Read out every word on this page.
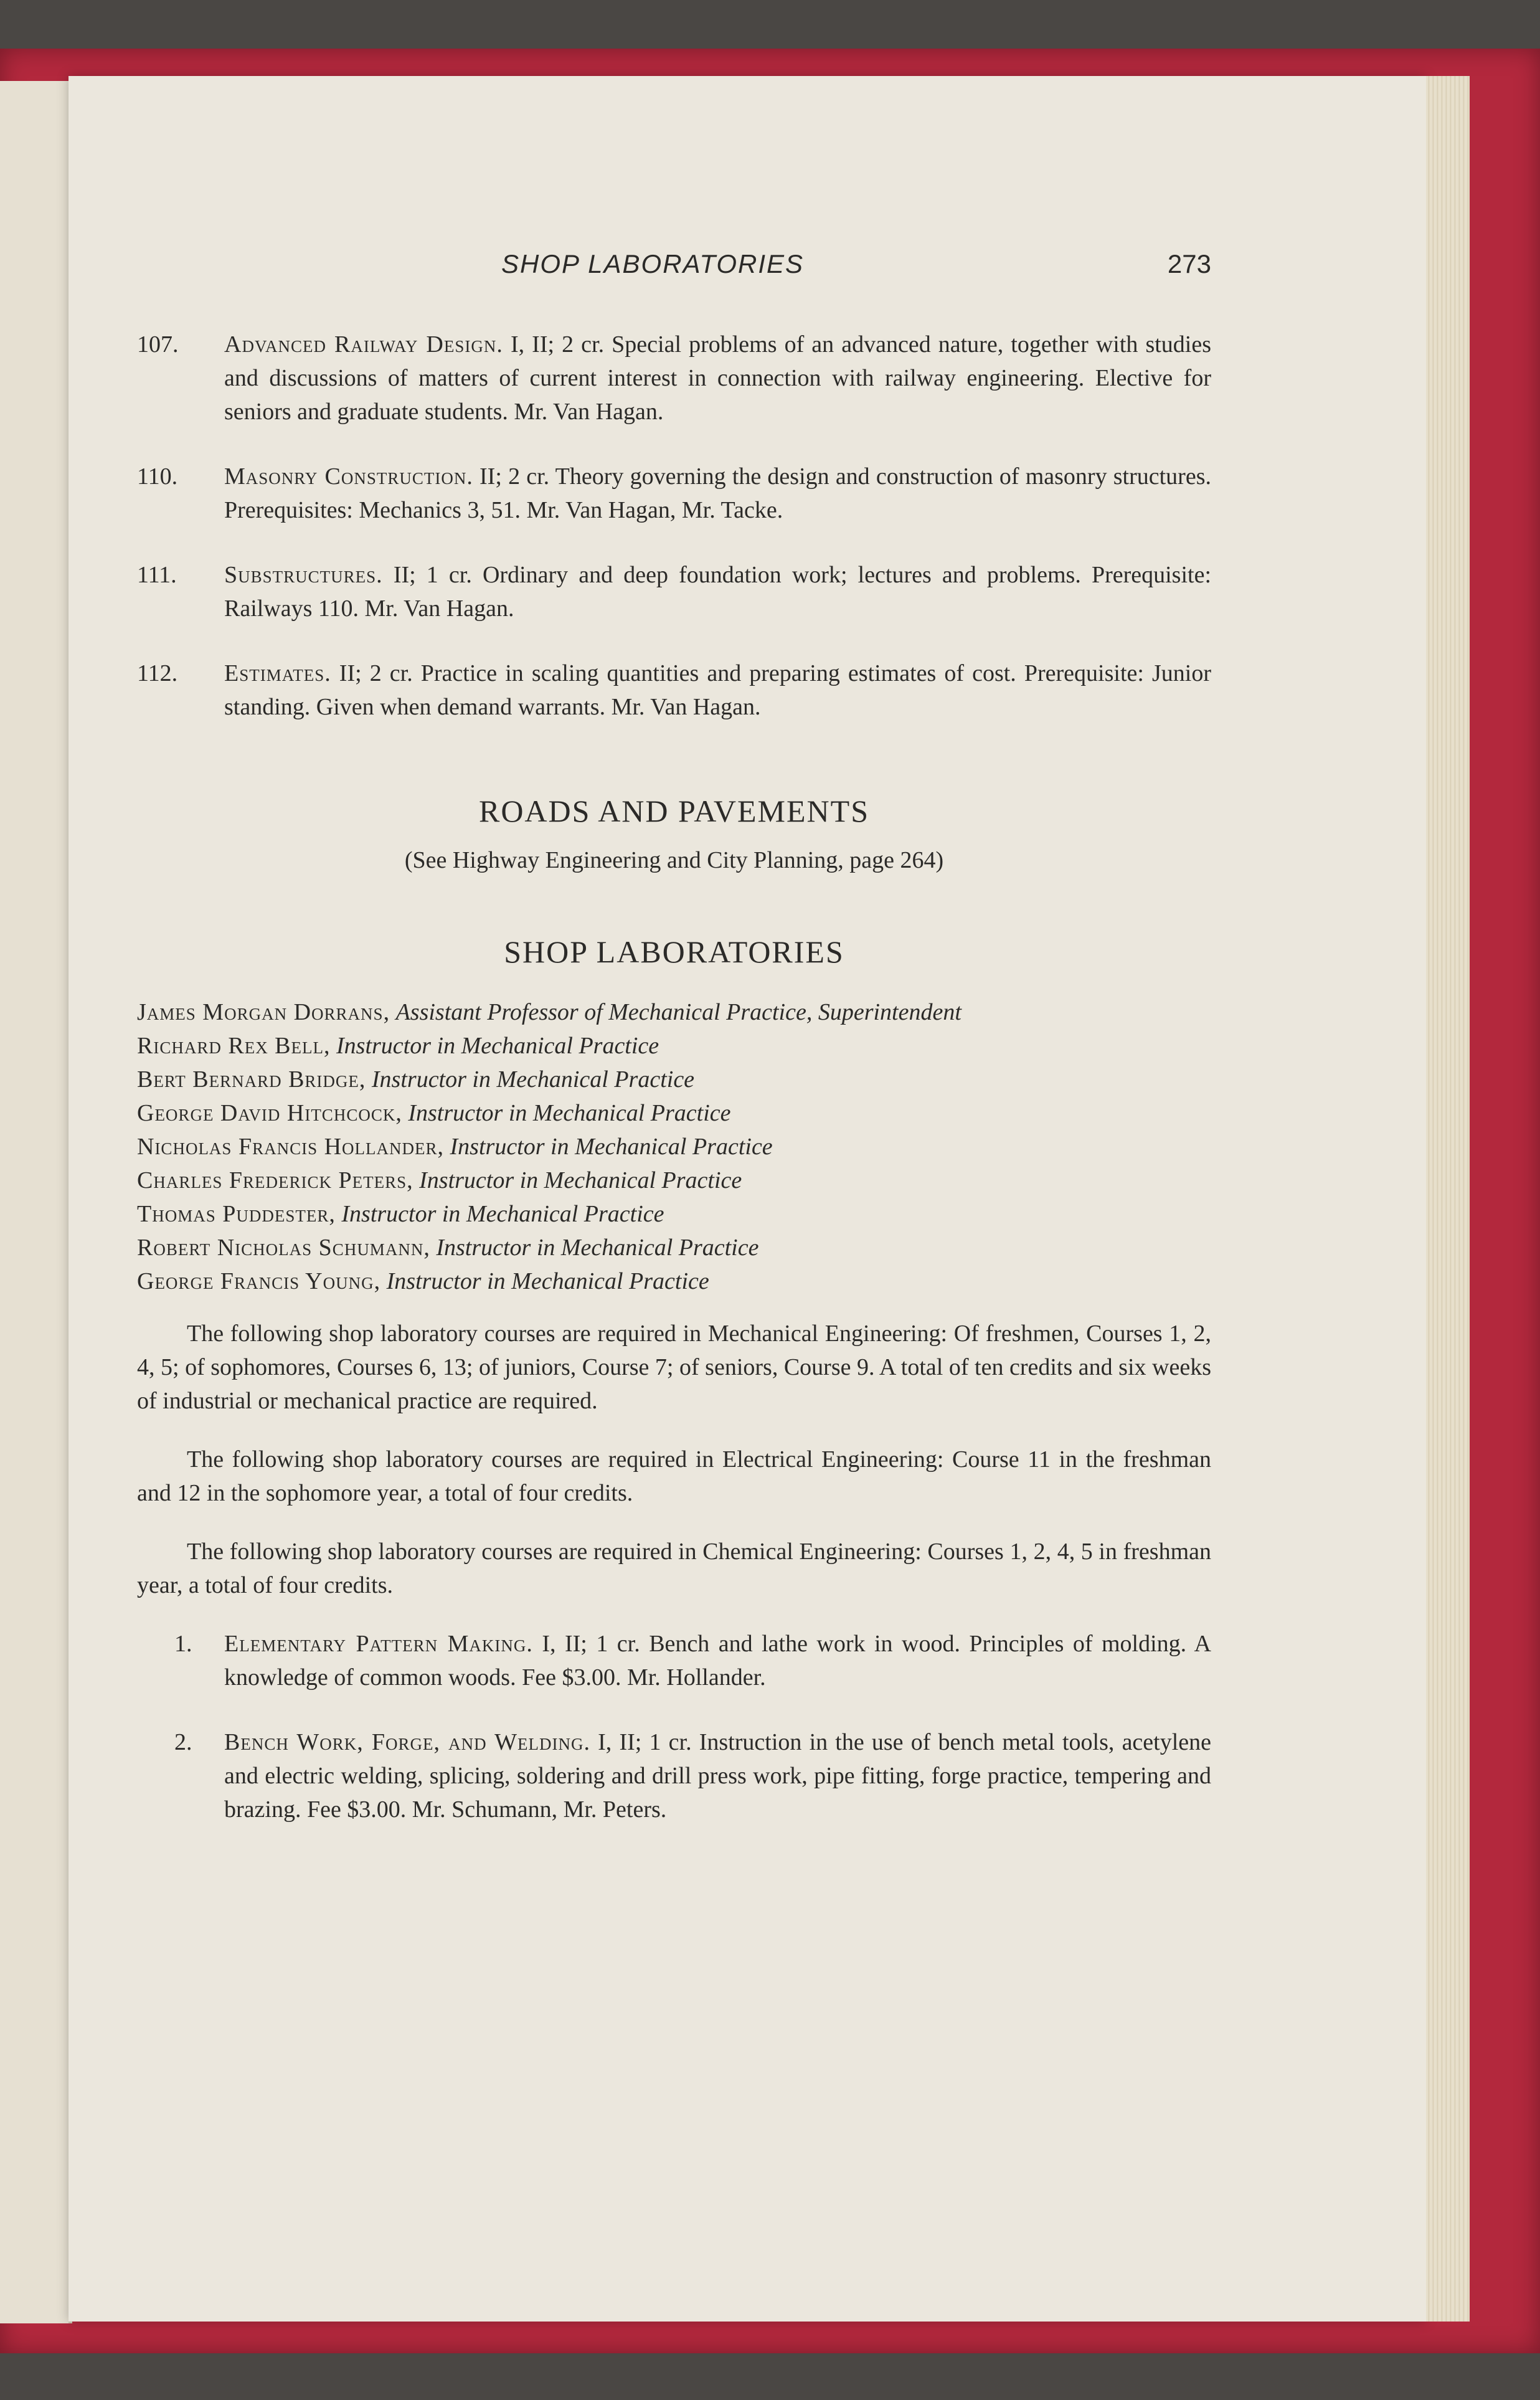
SHOP LABORATORIES	273
107. Advanced Railway Design. I, II; 2 cr. Special problems of an advanced nature, together with studies and discussions of matters of current interest in connection with railway engineering. Elective for seniors and graduate students. Mr. Van Hagan.
110. Masonry Construction. II; 2 cr. Theory governing the design and construction of masonry structures. Prerequisites: Mechanics 3, 51. Mr. Van Hagan, Mr. Tacke.
111. Substructures. II; 1 cr. Ordinary and deep foundation work; lectures and problems. Prerequisite: Railways 110. Mr. Van Hagan.
112. Estimates. II; 2 cr. Practice in scaling quantities and preparing estimates of cost. Prerequisite: Junior standing. Given when demand warrants. Mr. Van Hagan.
ROADS AND PAVEMENTS
(See Highway Engineering and City Planning, page 264)
SHOP LABORATORIES
James Morgan Dorrans, Assistant Professor of Mechanical Practice, Superintendent
Richard Rex Bell, Instructor in Mechanical Practice
Bert Bernard Bridge, Instructor in Mechanical Practice
George David Hitchcock, Instructor in Mechanical Practice
Nicholas Francis Hollander, Instructor in Mechanical Practice
Charles Frederick Peters, Instructor in Mechanical Practice
Thomas Puddester, Instructor in Mechanical Practice
Robert Nicholas Schumann, Instructor in Mechanical Practice
George Francis Young, Instructor in Mechanical Practice

The following shop laboratory courses are required in Mechanical Engineering: Of freshmen, Courses 1, 2, 4, 5; of sophomores, Courses 6, 13; of juniors, Course 7; of seniors, Course 9. A total of ten credits and six weeks of industrial or mechanical practice are required.

The following shop laboratory courses are required in Electrical Engineering: Course 11 in the freshman and 12 in the sophomore year, a total of four credits.

The following shop laboratory courses are required in Chemical Engineering: Courses 1, 2, 4, 5 in freshman year, a total of four credits.

1. Elementary Pattern Making. I, II; 1 cr. Bench and lathe work in wood. Principles of molding. A knowledge of common woods. Fee $3.00. Mr. Hollander.
2. Bench Work, Forge, and Welding. I, II; 1 cr. Instruction in the use of bench metal tools, acetylene and electric welding, splicing, soldering and drill press work, pipe fitting, forge practice, tempering and brazing. Fee $3.00. Mr. Schumann, Mr. Peters.
